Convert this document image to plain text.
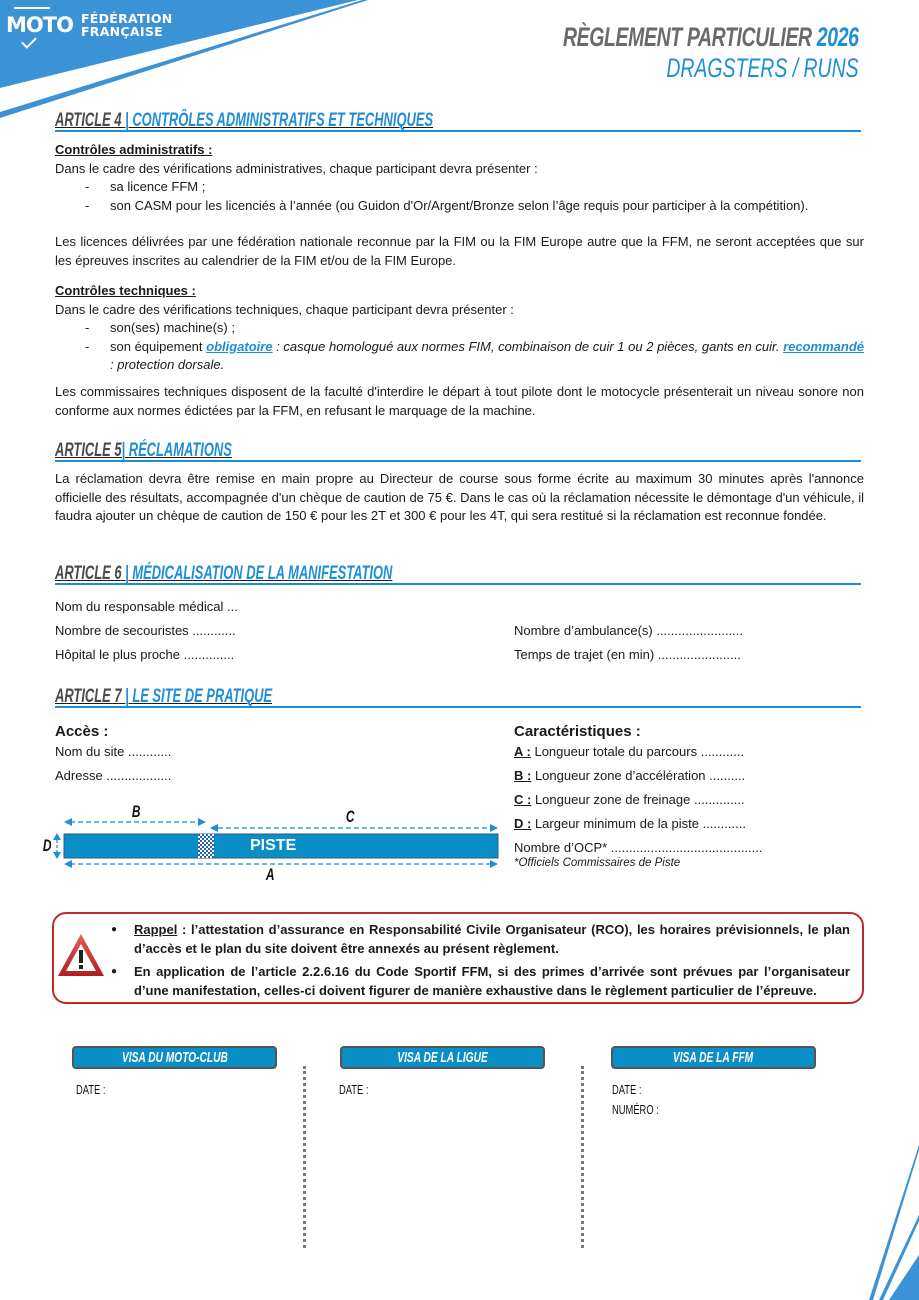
MOTO FÉDÉRATION
FRANÇAISE	RÈGLEMENT PARTICULIER 2026
DRAGSTERS / RUNS
ARTICLE 4 | CONTRÔLES ADMINISTRATIFS ET TECHNIQUES
Contrôles administratifs :
Dans le cadre des vérifications administratives, chaque participant devra présenter :
- sa licence FFM ;
- son CASM pour les licenciés à l’année (ou Guidon d'Or/Argent/Bronze selon l’âge requis pour participer à la compétition).
Les licences délivrées par une fédération nationale reconnue par la FIM ou la FIM Europe autre que la FFM, ne seront acceptées que sur les épreuves inscrites au calendrier de la FIM et/ou de la FIM Europe.
Contrôles techniques :
Dans le cadre des vérifications techniques, chaque participant devra présenter :
- son(ses) machine(s) ;
- son équipement obligatoire : casque homologué aux normes FIM, combinaison de cuir 1 ou 2 pièces, gants en cuir. recommandé : protection dorsale.
Les commissaires techniques disposent de la faculté d'interdire le départ à tout pilote dont le motocycle présenterait un niveau sonore non conforme aux normes édictées par la FFM, en refusant le marquage de la machine.
ARTICLE 5| RÉCLAMATIONS
La réclamation devra être remise en main propre au Directeur de course sous forme écrite au maximum 30 minutes après l'annonce officielle des résultats, accompagnée d'un chèque de caution de 75 €. Dans le cas où la réclamation nécessite le démontage d'un véhicule, il faudra ajouter un chèque de caution de 150 € pour les 2T et 300 € pour les 4T, qui sera restitué si la réclamation est reconnue fondée.
ARTICLE 6 | MÉDICALISATION DE LA MANIFESTATION
Nom du responsable médical ...
Nombre de secouristes ............
Hôpital le plus proche ..............
Nombre d’ambulance(s) ........................
Temps de trajet (en min) .......................
ARTICLE 7 | LE SITE DE PRATIQUE
Accès :
Nom du site ............
Adresse ..................
PISTE
B	C
D
A
Caractéristiques :
A : Longueur totale du parcours ............
B : Longueur zone d’accélération ..........
C : Longueur zone de freinage ..............
D : Largeur minimum de la piste ............
Nombre d’OCP* ..........................................
*Officiels Commissaires de Piste
● Rappel : l’attestation d’assurance en Responsabilité Civile Organisateur (RCO), les horaires prévisionnels, le plan d’accès et le plan du site doivent être annexés au présent règlement.
● En application de l’article 2.2.6.16 du Code Sportif FFM, si des primes d’arrivée sont prévues par l’organisateur d’une manifestation, celles-ci doivent figurer de manière exhaustive dans le règlement particulier de l’épreuve.
VISA DU MOTO-CLUB
DATE :
VISA DE LA LIGUE
DATE :
VISA DE LA FFM
DATE :
NUMÉRO :
